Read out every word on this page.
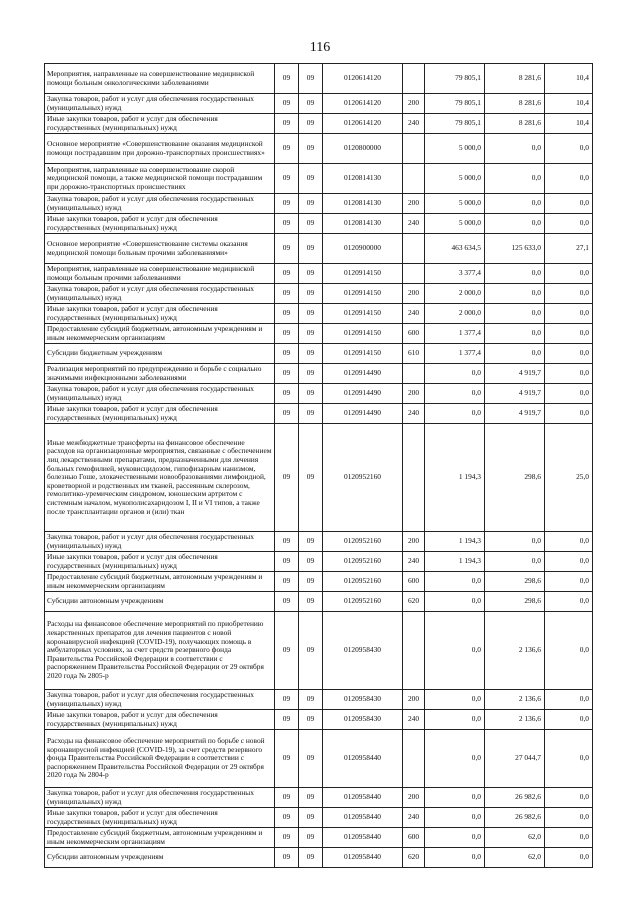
116
Мероприятия, направленные на совершенствование медицинской помощи больным онкологическими заболеваниями	09	09	0120614120		79 805,1	8 281,6	10,4
Закупка товаров, работ и услуг для обеспечения государственных (муниципальных) нужд	09	09	0120614120	200	79 805,1	8 281,6	10,4
Иные закупки товаров, работ и услуг для обеспечения государственных (муниципальных) нужд	09	09	0120614120	240	79 805,1	8 281,6	10,4
Основное мероприятие «Совершенствование оказания медицинской помощи пострадавшим при дорожно-транспортных происшествиях»	09	09	0120800000		5 000,0	0,0	0,0
Мероприятия, направленные на совершенствование скорой медицинской помощи, а также медицинской помощи пострадавшим при дорожно-транспортных происшествиях	09	09	0120814130		5 000,0	0,0	0,0
Закупка товаров, работ и услуг для обеспечения государственных (муниципальных) нужд	09	09	0120814130	200	5 000,0	0,0	0,0
Иные закупки товаров, работ и услуг для обеспечения государственных (муниципальных) нужд	09	09	0120814130	240	5 000,0	0,0	0,0
Основное мероприятие «Совершенствование системы оказания медицинской помощи больным прочими заболеваниями»	09	09	0120900000		463 634,5	125 633,0	27,1
Мероприятия, направленные на совершенствование медицинской помощи больным прочими заболеваниями	09	09	0120914150		3 377,4	0,0	0,0
Закупка товаров, работ и услуг для обеспечения государственных (муниципальных) нужд	09	09	0120914150	200	2 000,0	0,0	0,0
Иные закупки товаров, работ и услуг для обеспечения государственных (муниципальных) нужд	09	09	0120914150	240	2 000,0	0,0	0,0
Предоставление субсидий бюджетным, автономным учреждениям и иным некоммерческим организациям	09	09	0120914150	600	1 377,4	0,0	0,0
Субсидии бюджетным учреждениям	09	09	0120914150	610	1 377,4	0,0	0,0
Реализация мероприятий по предупреждению и борьбе с социально значимыми инфекционными заболеваниями	09	09	0120914490		0,0	4 919,7	0,0
Закупка товаров, работ и услуг для обеспечения государственных (муниципальных) нужд	09	09	0120914490	200	0,0	4 919,7	0,0
Иные закупки товаров, работ и услуг для обеспечения государственных (муниципальных) нужд	09	09	0120914490	240	0,0	4 919,7	0,0
Иные межбюджетные трансферты на финансовое обеспечение расходов на организационные мероприятия, связанные с обеспечением лиц лекарственными препаратами, предназначенными для лечения больных гемофилией, муковисцидозом, гипофизарным нанизмом, болезнью Гоше, злокачественными новообразованиями лимфоидной, кроветворной и родственных им тканей, рассеянным склерозом, гемолитико-уремическим синдромом, юношеским артритом с системным началом, мукополисахаридозом I, II и VI типов, а также после трансплантации органов и (или) ткан	09	09	0120952160		1 194,3	298,6	25,0
Закупка товаров, работ и услуг для обеспечения государственных (муниципальных) нужд	09	09	0120952160	200	1 194,3	0,0	0,0
Иные закупки товаров, работ и услуг для обеспечения государственных (муниципальных) нужд	09	09	0120952160	240	1 194,3	0,0	0,0
Предоставление субсидий бюджетным, автономным учреждениям и иным некоммерческим организациям	09	09	0120952160	600	0,0	298,6	0,0
Субсидии автономным учреждениям	09	09	0120952160	620	0,0	298,6	0,0
Расходы на финансовое обеспечение мероприятий по приобретению лекарственных препаратов для лечения пациентов с новой коронавирусной инфекцией (COVID-19), получающих помощь в амбулаторных условиях, за счет средств резервного фонда Правительства Российской Федерации в соответствии с распоряжением Правительства Российской Федерации от 29 октября 2020 года № 2805-р	09	09	0120958430		0,0	2 136,6	0,0
Закупка товаров, работ и услуг для обеспечения государственных (муниципальных) нужд	09	09	0120958430	200	0,0	2 136,6	0,0
Иные закупки товаров, работ и услуг для обеспечения государственных (муниципальных) нужд	09	09	0120958430	240	0,0	2 136,6	0,0
Расходы на финансовое обеспечение мероприятий по борьбе с новой коронавирусной инфекцией (COVID-19), за счет средств резервного фонда Правительства Российской Федерации в соответствии с распоряжением Правительства Российской Федерации от 29 октября 2020 года № 2804-р	09	09	0120958440		0,0	27 044,7	0,0
Закупка товаров, работ и услуг для обеспечения государственных (муниципальных) нужд	09	09	0120958440	200	0,0	26 982,6	0,0
Иные закупки товаров, работ и услуг для обеспечения государственных (муниципальных) нужд	09	09	0120958440	240	0,0	26 982,6	0,0
Предоставление субсидий бюджетным, автономным учреждениям и иным некоммерческим организациям	09	09	0120958440	600	0,0	62,0	0,0
Субсидии автономным учреждениям	09	09	0120958440	620	0,0	62,0	0,0
